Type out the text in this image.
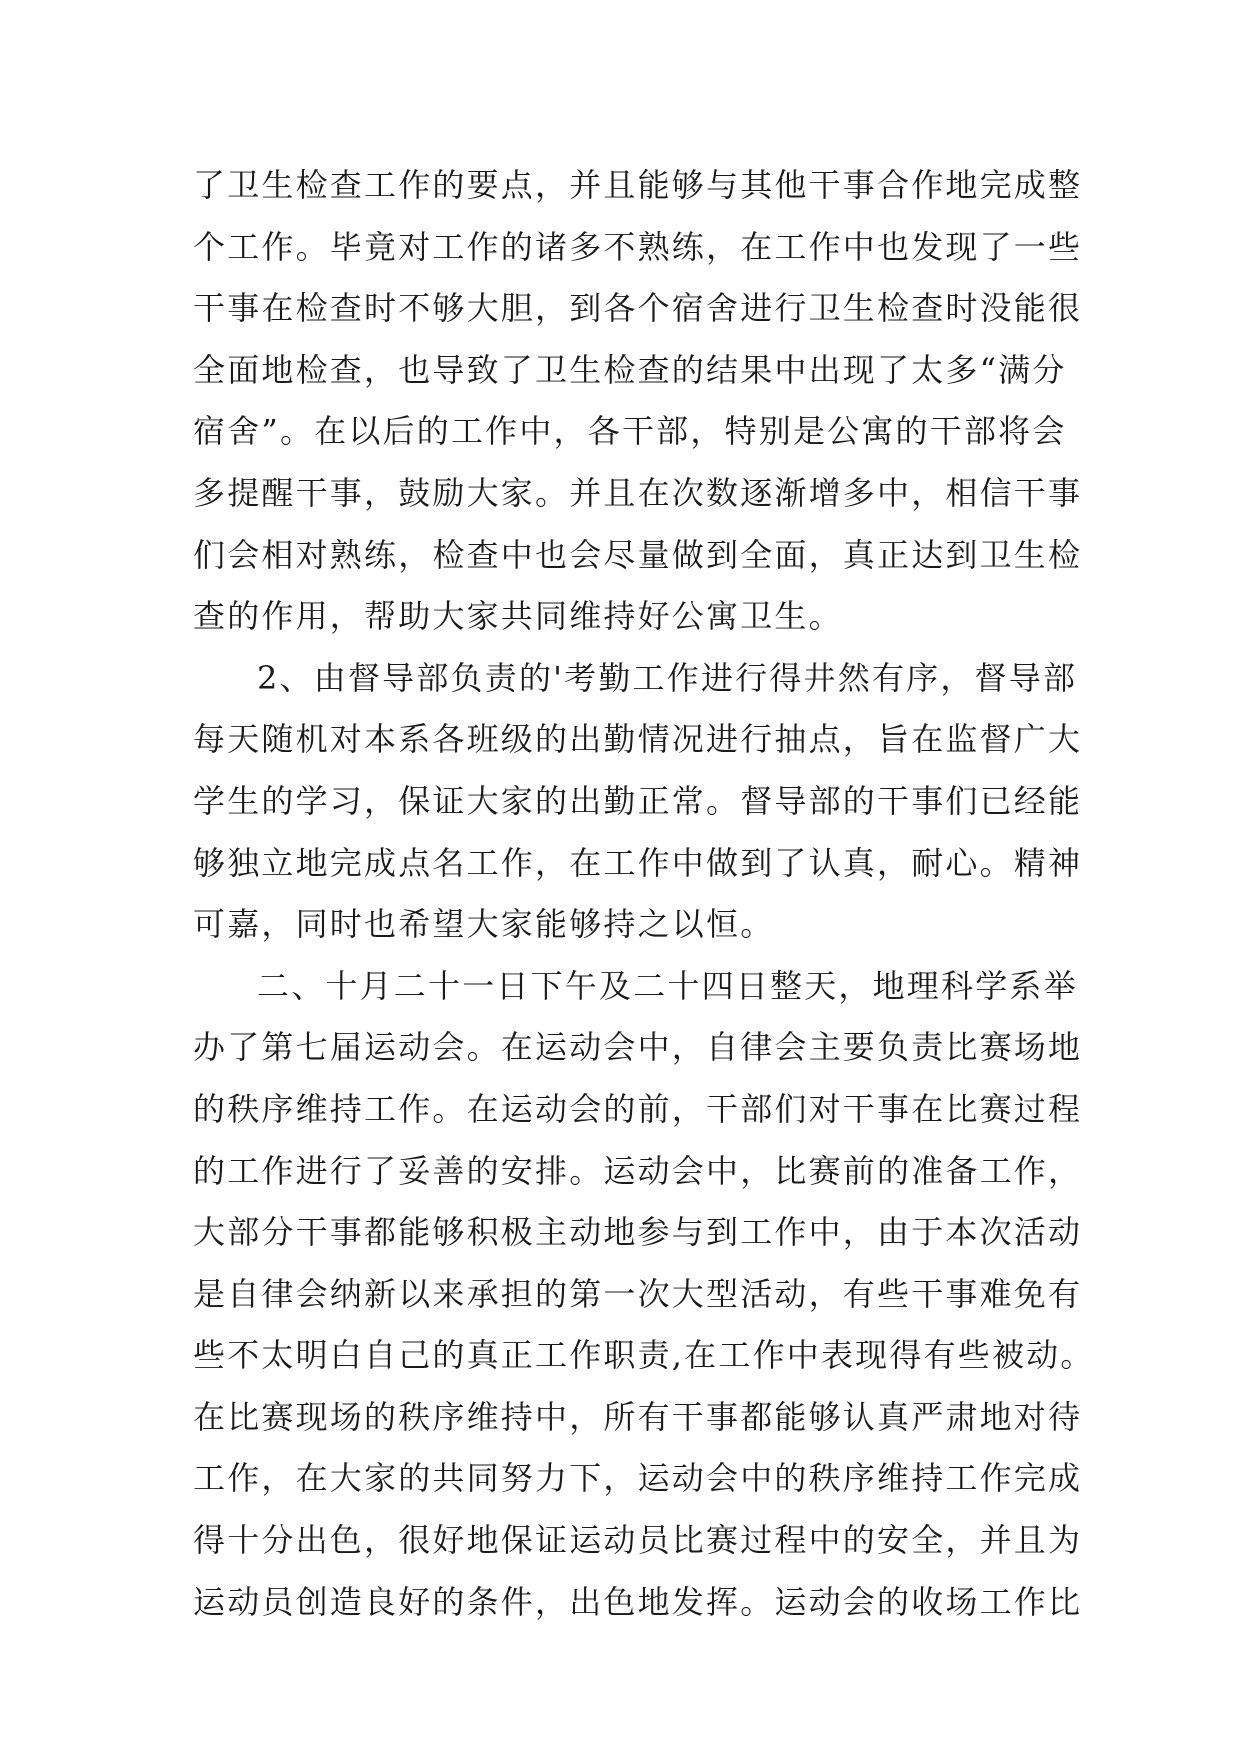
了卫生检查工作的要点，并且能够与其他干事合作地完成整
个工作。毕竟对工作的诸多不熟练，在工作中也发现了一些
干事在检查时不够大胆，到各个宿舍进行卫生检查时没能很
全面地检查，也导致了卫生检查的结果中出现了太多“满分
宿舍”。在以后的工作中，各干部，特别是公寓的干部将会
多提醒干事，鼓励大家。并且在次数逐渐增多中，相信干事
们会相对熟练，检查中也会尽量做到全面，真正达到卫生检
查的作用，帮助大家共同维持好公寓卫生。
2、由督导部负责的'考勤工作进行得井然有序，督导部
每天随机对本系各班级的出勤情况进行抽点，旨在监督广大
学生的学习，保证大家的出勤正常。督导部的干事们已经能
够独立地完成点名工作，在工作中做到了认真，耐心。精神
可嘉，同时也希望大家能够持之以恒。
二、十月二十一日下午及二十四日整天，地理科学系举
办了第七届运动会。在运动会中，自律会主要负责比赛场地
的秩序维持工作。在运动会的前，干部们对干事在比赛过程
的工作进行了妥善的安排。运动会中，比赛前的准备工作，
大部分干事都能够积极主动地参与到工作中，由于本次活动
是自律会纳新以来承担的第一次大型活动，有些干事难免有
些不太明白自己的真正工作职责,在工作中表现得有些被动。
在比赛现场的秩序维持中，所有干事都能够认真严肃地对待
工作，在大家的共同努力下，运动会中的秩序维持工作完成
得十分出色，很好地保证运动员比赛过程中的安全，并且为
运动员创造良好的条件，出色地发挥。运动会的收场工作比
